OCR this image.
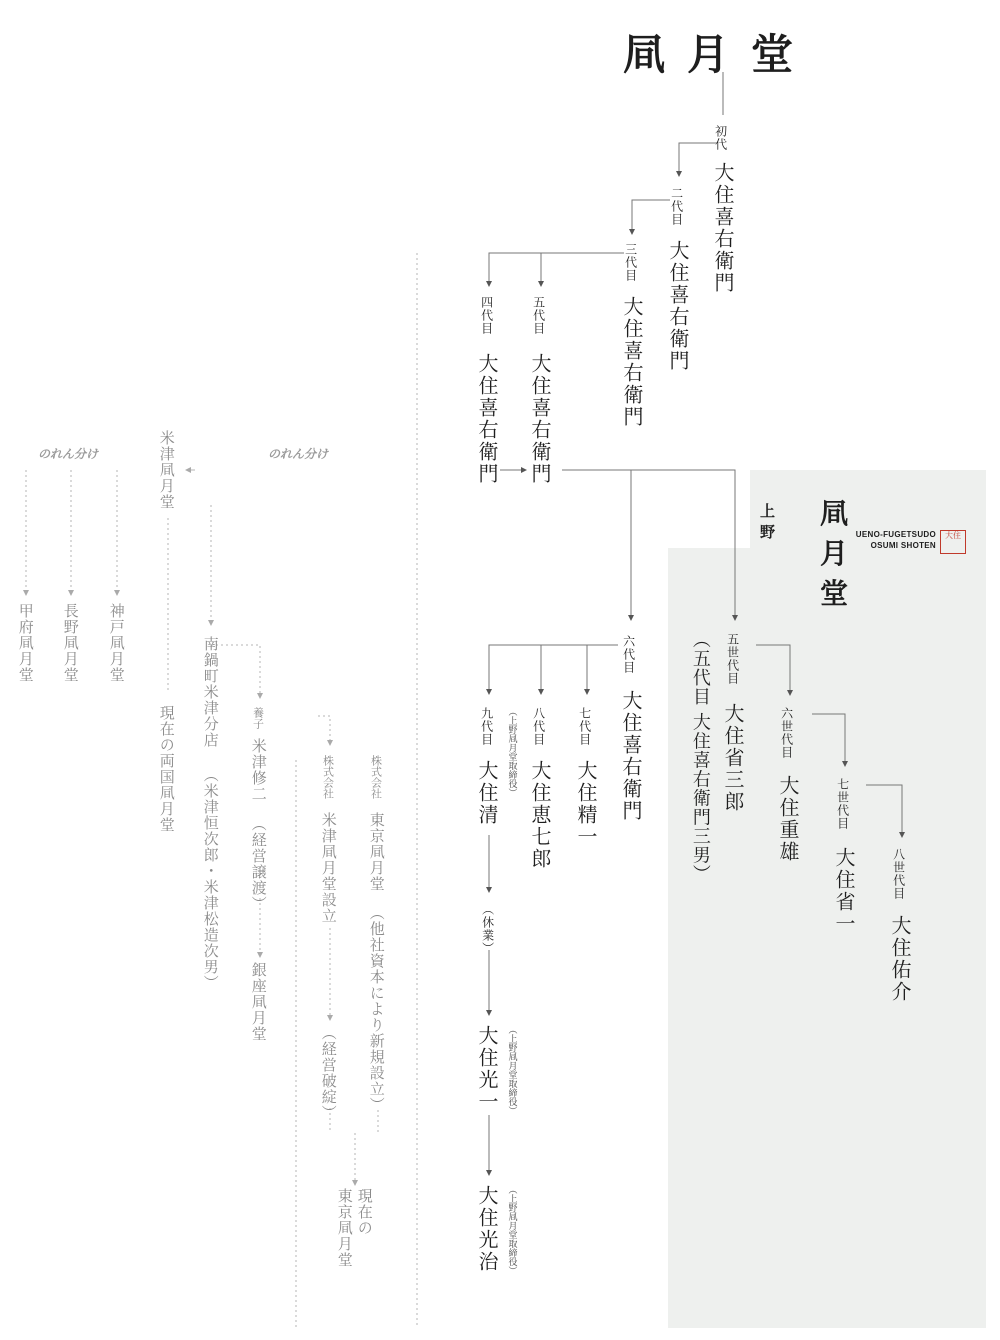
凬月堂
上野
凬月堂
UENO-FUGETSUDO
OSUMI SHOTEN
大住
初代
大住喜右衛門
二代目
大住喜右衛門
三代目
大住喜右衛門
四代目
大住喜右衛門
五代目
大住喜右衛門
六代目
大住喜右衛門
七代目
大住精一
（上野凬月堂取締役） 八代目
大住恵七郎
九代目
大住清
（休業）
大住光一 （上野凬月堂取締役）
大住光治 （上野凬月堂取締役）
五世代目
大住省三郎
（五代目 大住喜右衛門三男）	六世代目
大住重雄	七世代目
大住省一	八世代目
大住佑介
のれん分け	のれん分け
米津凬月堂
甲府凬月堂 長野凬月堂 神戸凬月堂
現在の両国凬月堂
南鍋町米津分店
（米津恒次郎・米津松造次男）
養子
米津修二
（経営譲渡）
銀座凬月堂
株式会社
米津凬月堂設立
（経営破綻）
株式会社
東京凬月堂
（他社資本により新規設立）
現在の
東京凬月堂
